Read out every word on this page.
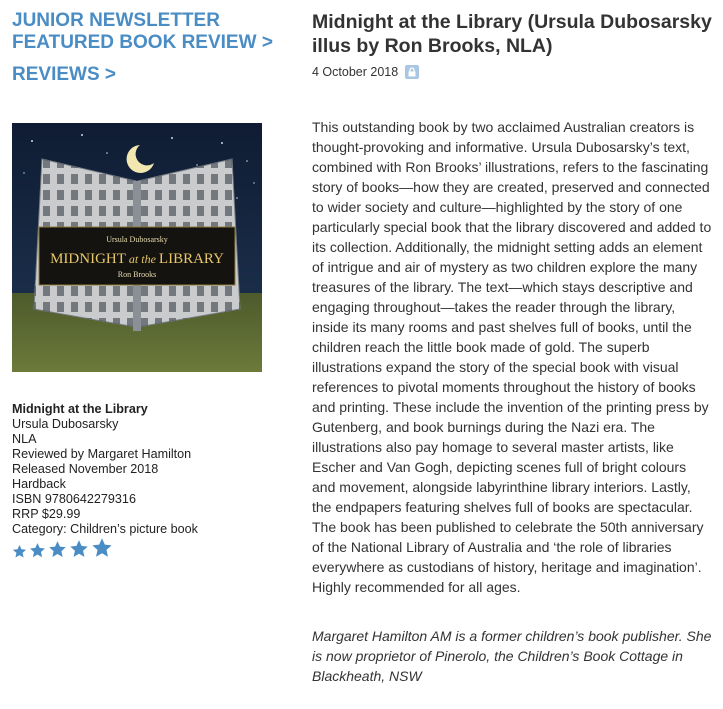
JUNIOR NEWSLETTER FEATURED BOOK REVIEW >
REVIEWS >
Ursula Dubosarsky
MIDNIGHT at the LIBRARY
Ron Brooks
Midnight at the Library
Ursula Dubosarsky
NLA
Reviewed by Margaret Hamilton
Released November 2018
Hardback
ISBN 9780642279316
RRP $29.99
Category: Children’s picture book
Midnight at the Library (Ursula Dubosarsky illus by Ron Brooks, NLA)
4 October 2018

This outstanding book by two acclaimed Australian creators is thought-provoking and informative. Ursula Dubosarsky’s text, combined with Ron Brooks’ illustrations, refers to the fascinating story of books—how they are created, preserved and connected to wider society and culture—highlighted by the story of one particularly special book that the library discovered and added to its collection. Additionally, the midnight setting adds an element of intrigue and air of mystery as two children explore the many treasures of the library. The text—which stays descriptive and engaging throughout—takes the reader through the library, inside its many rooms and past shelves full of books, until the children reach the little book made of gold. The superb illustrations expand the story of the special book with visual references to pivotal moments throughout the history of books and printing. These include the invention of the printing press by Gutenberg, and book burnings during the Nazi era. The illustrations also pay homage to several master artists, like Escher and Van Gogh, depicting scenes full of bright colours and movement, alongside labyrinthine library interiors. Lastly, the endpapers featuring shelves full of books are spectacular. The book has been published to celebrate the 50th anniversary of the National Library of Australia and ‘the role of libraries everywhere as custodians of history, heritage and imagination’. Highly recommended for all ages.

Margaret Hamilton AM is a former children’s book publisher. She is now proprietor of Pinerolo, the Children’s Book Cottage in Blackheath, NSW
